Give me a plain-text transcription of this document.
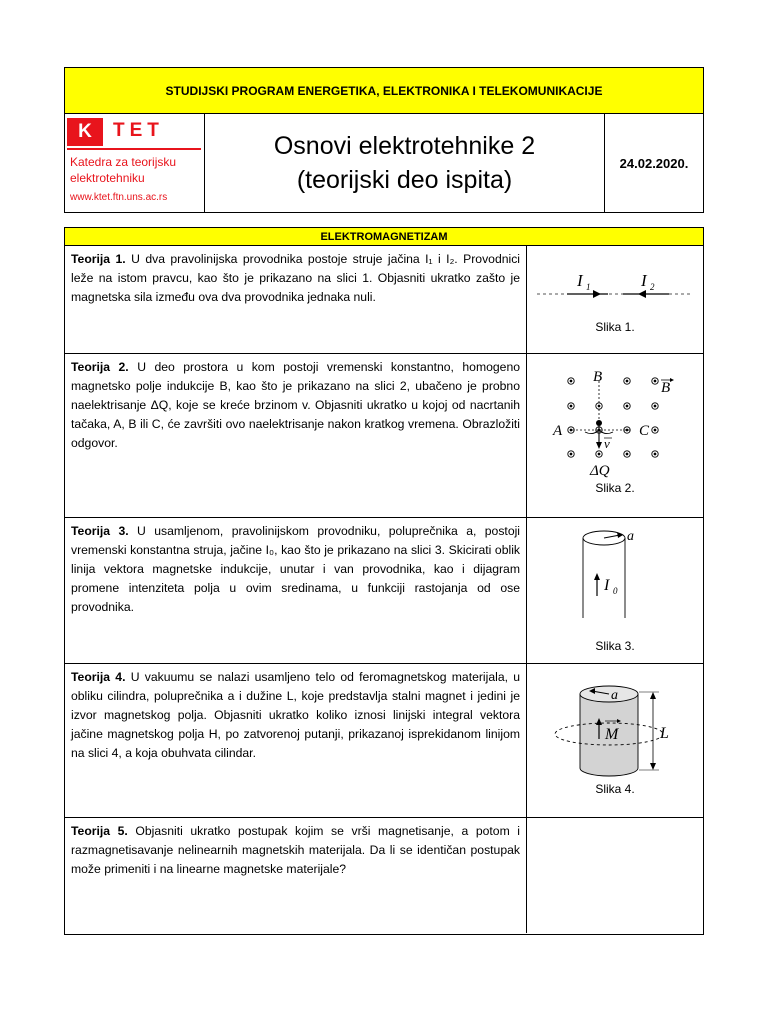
STUDIJSKI PROGRAM ENERGETIKA, ELEKTRONIKA I TELEKOMUNIKACIJE
K	TET
Katedra za teorijsku elektrotehniku
www.ktet.ftn.uns.ac.rs
Osnovi elektrotehnike 2
(teorijski deo ispita)
24.02.2020.
ELEKTROMAGNETIZAM
Teorija 1. U dva pravolinijska provodnika postoje struje jačina I₁ i I₂. Provodnici leže na istom pravcu, kao što je prikazano na slici 1. Objasniti ukratko zašto je magnetska sila između ova dva provodnika jednaka nuli.
I 1	I 2
Slika 1.
Teorija 2. U deo prostora u kom postoji vremenski konstantno, homogeno magnetsko polje indukcije B, kao što je prikazano na slici 2, ubačeno je probno naelektrisanje ΔQ, koje se kreće brzinom v. Objasniti ukratko u kojoj od nacrtanih tačaka, A, B ili C, će završiti ovo naelektrisanje nakon kratkog vremena. Obrazložiti odgovor.
B
A	C
B
v
ΔQ
Slika 2.
Teorija 3. U usamljenom, pravolinijskom provodniku, poluprečnika a, postoji vremenski konstantna struja, jačine I₀, kao što je prikazano na slici 3. Skicirati oblik linija vektora magnetske indukcije, unutar i van provodnika, kao i dijagram promene intenziteta polja u ovim sredinama, u funkciji rastojanja od ose provodnika.
a
I 0
Slika 3.
Teorija 4. U vakuumu se nalazi usamljeno telo od feromagnetskog materijala, u obliku cilindra, poluprečnika a i dužine L, koje predstavlja stalni magnet i jedini je izvor magnetskog polja. Objasniti ukratko koliko iznosi linijski integral vektora jačine magnetskog polja H, po zatvorenoj putanji, prikazanoj isprekidanom linijom na slici 4, a koja obuhvata cilindar.
a
M	L
Slika 4.
Teorija 5. Objasniti ukratko postupak kojim se vrši magnetisanje, a potom i razmagnetisavanje nelinearnih magnetskih materijala. Da li se identičan postupak može primeniti i na linearne magnetske materijale?
